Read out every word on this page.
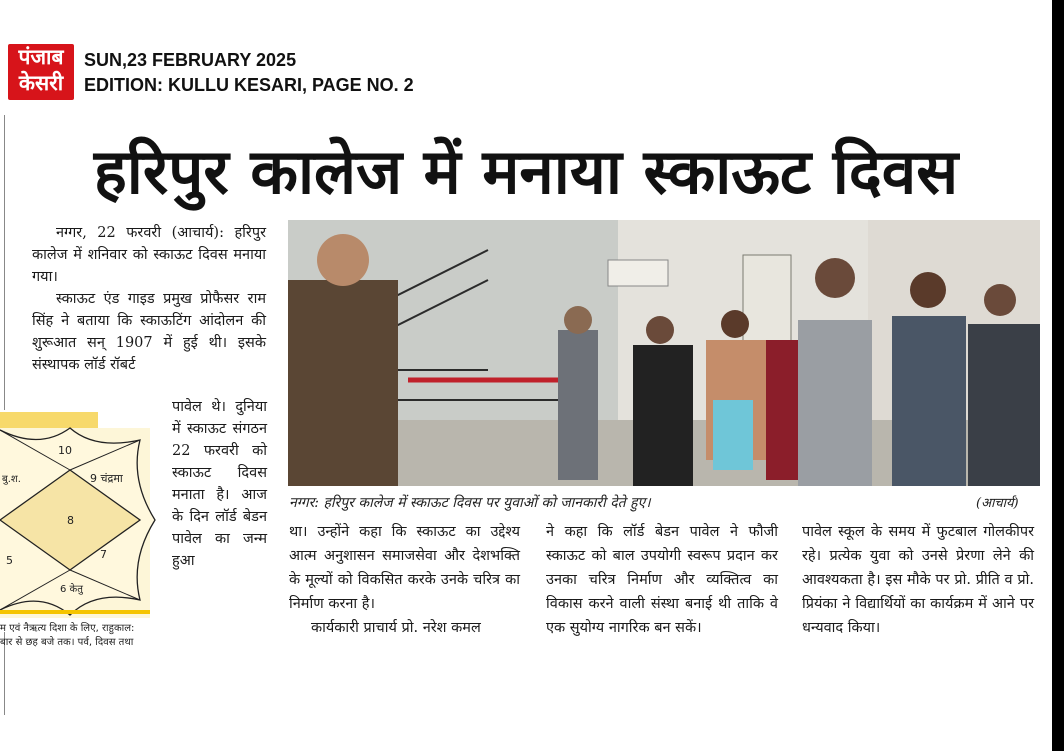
पंजाब
केसरी
SUN,23 FEBRUARY 2025
EDITION: KULLU KESARI, PAGE NO. 2
हरिपुर कालेज में मनाया स्काऊट दिवस

नग्गर, 22 फरवरी (आचार्य): हरिपुर कालेज में शनिवार को स्काऊट दिवस मनाया गया।

स्काऊट एंड गाइड प्रमुख प्रोफैसर राम सिंह ने बताया कि स्काऊटिंग आंदोलन की शुरूआत सन् 1907 में हुई थी। इसके संस्थापक लॉर्ड रॉबर्ट

पावेल थे। दुनिया में स्काऊट संगठन 22 फरवरी को स्काऊट दिवस मनाता है। आज के दिन लॉर्ड बेडन पावेल का जन्म हुआ

10
बु.श.	9 चंद्रमा
8
7
5
6 केतु
म एवं नैऋत्य दिशा के लिए, राहुकाल:
बार से छह बजे तक। पर्व, दिवस तथा
नग्गर: हरिपुर कालेज में स्काऊट दिवस पर युवाओं को जानकारी देते हुए।	(आचार्य)

था। उन्होंने कहा कि स्काऊट का उद्देश्य आत्म अनुशासन समाजसेवा और देशभक्ति के मूल्यों को विकसित करके उनके चरित्र का निर्माण करना है।

कार्यकारी प्राचार्य प्रो. नरेश कमल

ने कहा कि लॉर्ड बेडन पावेल ने फौजी स्काऊट को बाल उपयोगी स्वरूप प्रदान कर उनका चरित्र निर्माण और व्यक्तित्व का विकास करने वाली संस्था बनाई थी ताकि वे एक सुयोग्य नागरिक बन सकें।

पावेल स्कूल के समय में फुटबाल गोलकीपर रहे। प्रत्येक युवा को उनसे प्रेरणा लेने की आवश्यकता है। इस मौके पर प्रो. प्रीति व प्रो. प्रियंका ने विद्यार्थियों का कार्यक्रम में आने पर धन्यवाद किया।
